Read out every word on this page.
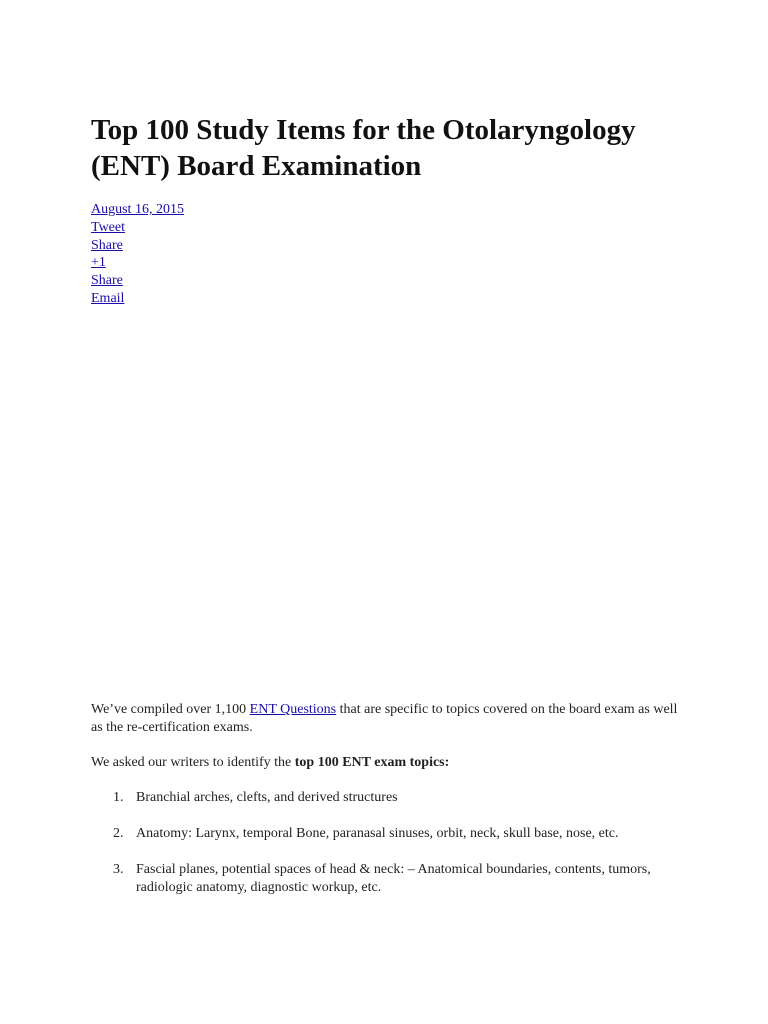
Top 100 Study Items for the Otolaryngology (ENT) Board Examination
August 16, 2015
Tweet
Share
+1
Share
Email

We’ve compiled over 1,100 ENT Questions that are specific to topics covered on the board exam as well as the re-certification exams.

We asked our writers to identify the top 100 ENT exam topics:

1. Branchial arches, clefts, and derived structures
2. Anatomy: Larynx, temporal Bone, paranasal sinuses, orbit, neck, skull base, nose, etc.
3. Fascial planes, potential spaces of head & neck: – Anatomical boundaries, contents, tumors, radiologic anatomy, diagnostic workup, etc.
